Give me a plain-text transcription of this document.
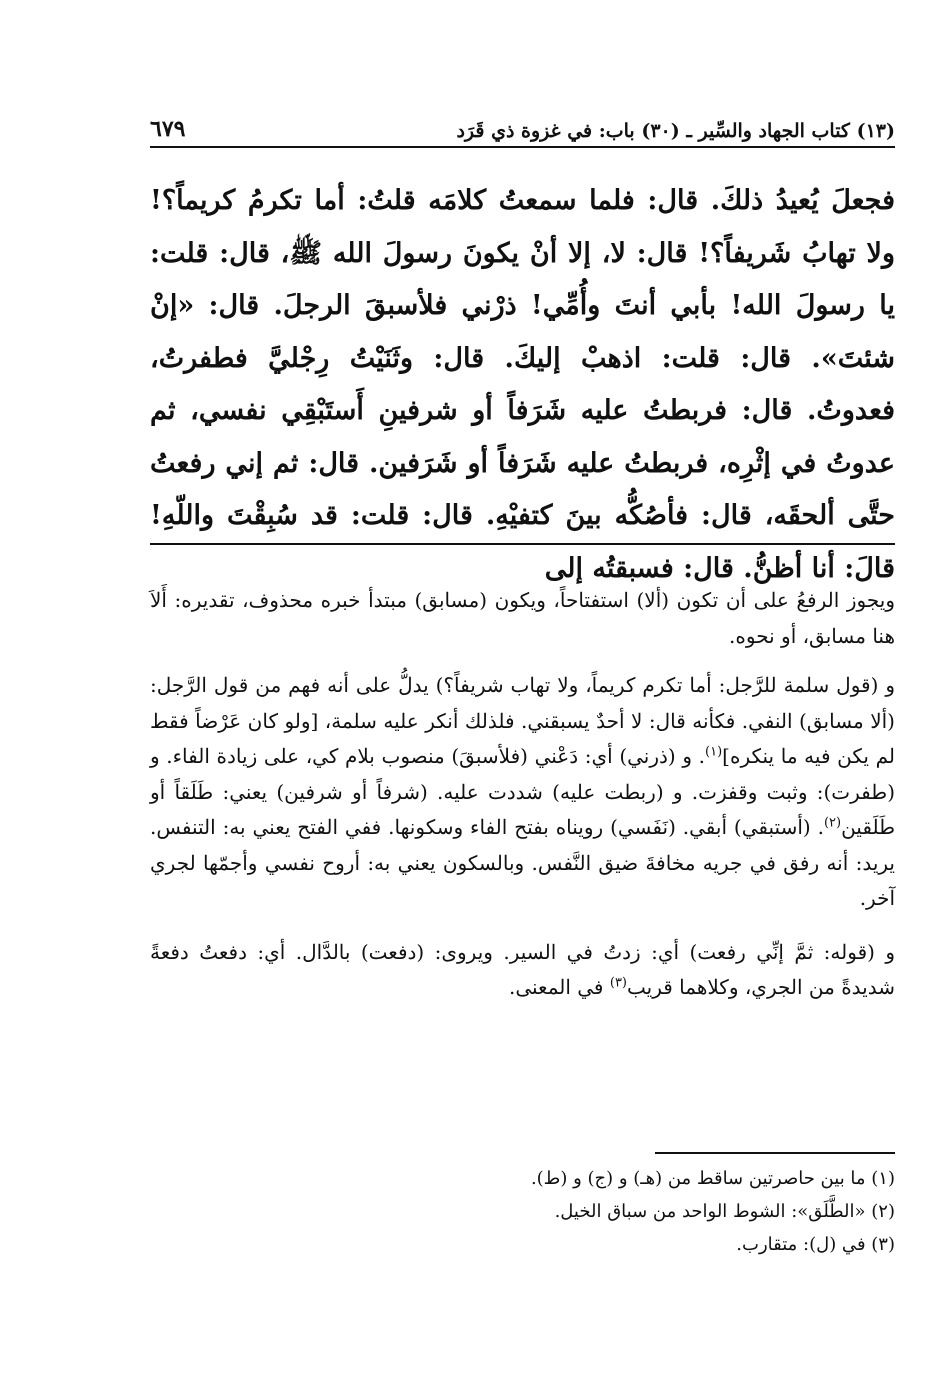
(١٣) كتاب الجهاد والسِّير ـ (٣٠) باب: في غزوة ذي قَرَد
٦٧٩

فجعلَ يُعيدُ ذلكَ. قال: فلما سمعتُ كلامَه قلتُ: أما تكرمُ كريماً؟! ولا تهابُ شَريفاً؟! قال: لا، إلا أنْ يكونَ رسولَ الله ﷺ، قال: قلت: يا رسولَ الله! بأبي أنتَ وأُمِّي! ذرْني فلأسبقَ الرجلَ. قال: «إنْ شئتَ». قال: قلت: اذهبْ إليكَ. قال: وثَنَيْتُ رِجْليَّ فطفرتُ، فعدوتُ. قال: فربطتُ عليه شَرَفاً أو شرفينِ أَستَبْقِي نفسي، ثم عدوتُ في إثْرِه، فربطتُ عليه شَرَفاً أو شَرَفين. قال: ثم إني رفعتُ حتَّى ألحقَه، قال: فأصُكُّه بينَ كتفيْهِ. قال: قلت: قد سُبِقْتَ واللّهِ! قالَ: أنا أظنُّ. قال: فسبقتُه إلى

ويجوز الرفعُ على أن تكون (ألا) استفتاحاً، ويكون (مسابق) مبتدأ خبره محذوف، تقديره: أَلاَ هنا مسابق، أو نحوه.

و (قول سلمة للرَّجل: أما تكرم كريماً، ولا تهاب شريفاً؟) يدلُّ على أنه فهم من قول الرَّجل: (ألا مسابق) النفي. فكأنه قال: لا أحدٌ يسبقني. فلذلك أنكر عليه سلمة، [ولو كان عَرْضاً فقط لم يكن فيه ما ينكره]$^{(١)}$. و (ذرني) أي: دَعْني (فلأسبقَ) منصوب بلام كي، على زيادة الفاء. و (طفرت): وثبت وقفزت. و (ربطت عليه) شددت عليه. (شرفاً أو شرفين) يعني: طَلَقاً أو طَلَقين$^{(٢)}$. (أستبقي) أبقي. (نَفَسي) رويناه بفتح الفاء وسكونها. ففي الفتح يعني به: التنفس. يريد: أنه رفق في جريه مخافةَ ضيق النَّفس. وبالسكون يعني به: أروح نفسي وأجمّها لجري آخر.

و (قوله: ثمَّ إنِّي رفعت) أي: زدتُ في السير. ويروى: (دفعت) بالدَّال. أي: دفعتُ دفعةً شديدةً من الجري، وكلاهما قريب$^{(٣)}$ في المعنى.

(١) ما بين حاصرتين ساقط من (هـ) و (ج) و (ط).
(٢) «الطَّلَق»: الشوط الواحد من سباق الخيل.
(٣) في (ل): متقارب.
